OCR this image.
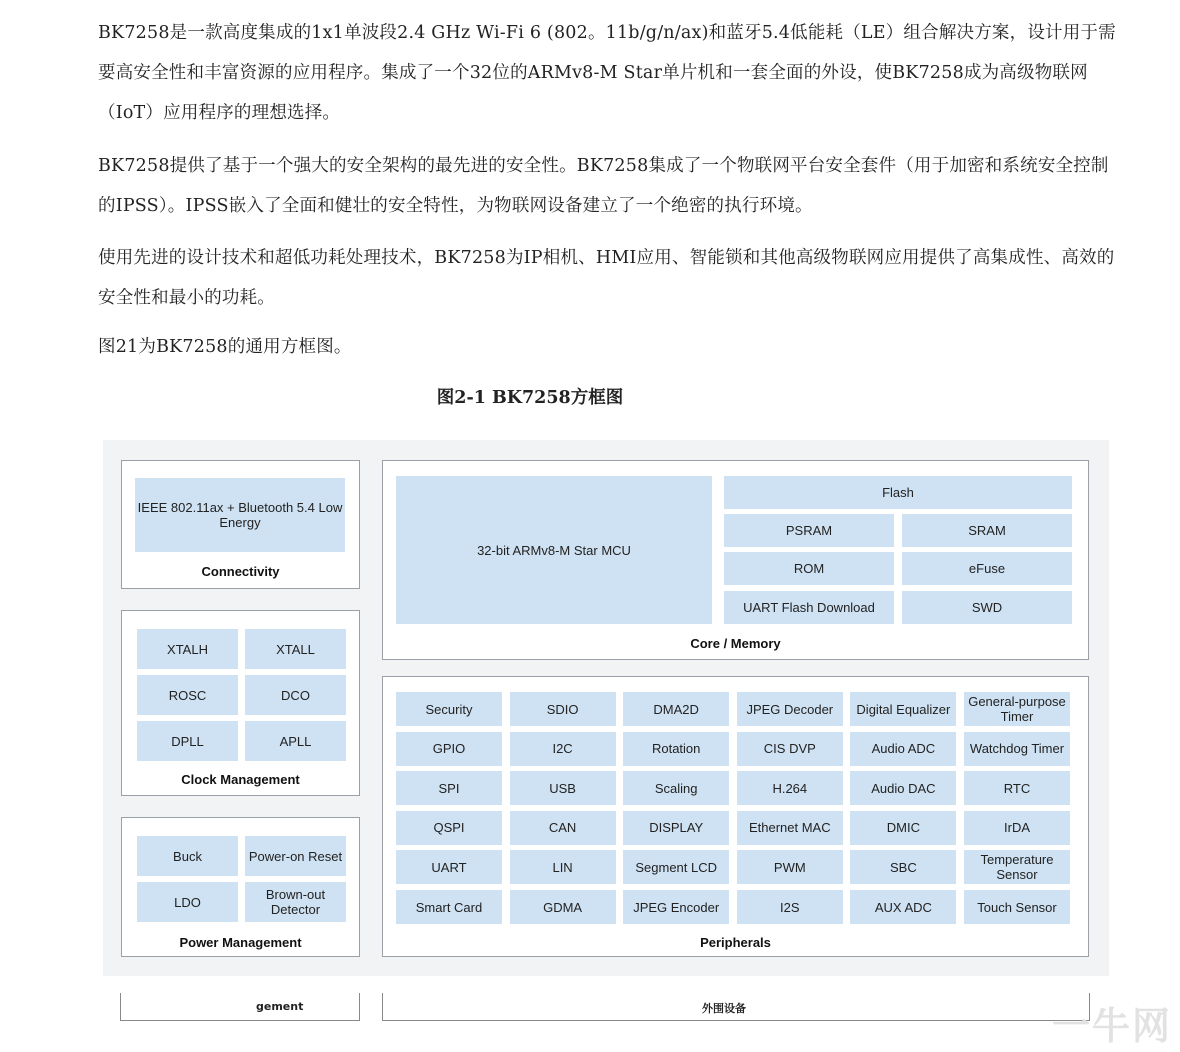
BK7258是一款高度集成的1x1单波段2.4 GHz Wi-Fi 6 (802。11b/g/n/ax)和蓝牙5.4低能耗（LE）组合解决方案，设计用于需要高安全性和丰富资源的应用程序。集成了一个32位的ARMv8-M Star单片机和一套全面的外设，使BK7258成为高级物联网（IoT）应用程序的理想选择。

BK7258提供了基于一个强大的安全架构的最先进的安全性。BK7258集成了一个物联网平台安全套件（用于加密和系统安全控制的IPSS）。IPSS嵌入了全面和健壮的安全特性，为物联网设备建立了一个绝密的执行环境。

使用先进的设计技术和超低功耗处理技术，BK7258为IP相机、HMI应用、智能锁和其他高级物联网应用提供了高集成性、高效的安全性和最小的功耗。

图21为BK7258的通用方框图。

图2-1 BK7258方框图
IEEE 802.11ax + Bluetooth 5.4 Low Energy
Connectivity
XTALH	XTALL
ROSC	DCO
DPLL	APLL
Clock Management
Buck	Power-on Reset
LDO	Brown-out Detector
Power Management
32-bit ARMv8-M Star MCU
Flash
PSRAM	SRAM
ROM	eFuse
UART Flash Download	SWD
Core / Memory
Security	SDIO	DMA2D	JPEG Decoder	Digital Equalizer	General-purpose Timer
GPIO	I2C	Rotation	CIS DVP	Audio ADC	Watchdog Timer
SPI	USB	Scaling	H.264	Audio DAC	RTC
QSPI	CAN	DISPLAY	Ethernet MAC	DMIC	IrDA
UART	LIN	Segment LCD	PWM	SBC	Temperature Sensor
Smart Card	GDMA	JPEG Encoder	I2S	AUX ADC	Touch Sensor
Peripherals
gement	外围设备	一牛网
